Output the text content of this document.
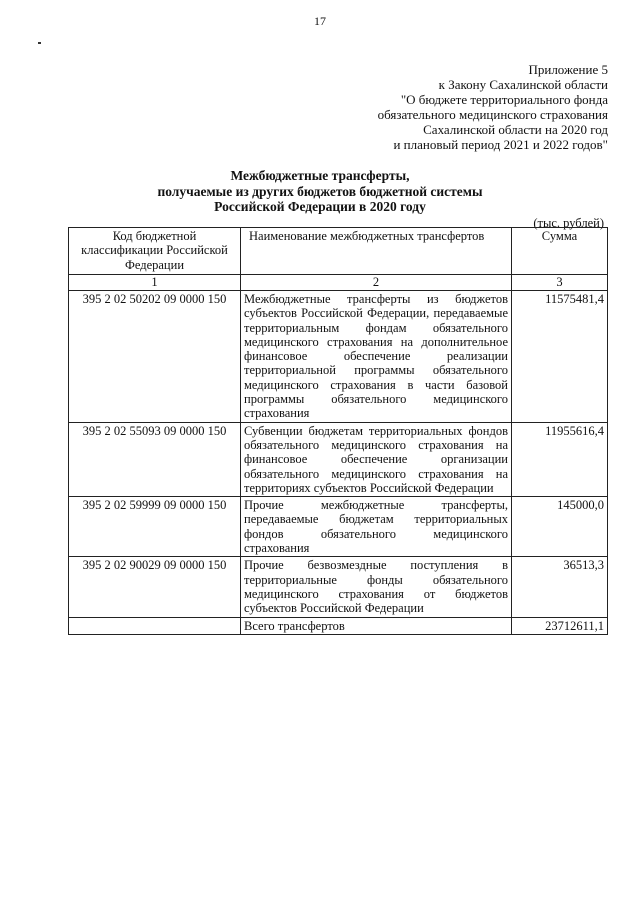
17
Приложение 5
к Закону Сахалинской области
"О бюджете территориального фонда
обязательного медицинского страхования
Сахалинской области на 2020 год
и плановый период 2021 и 2022 годов"
Межбюджетные трансферты,
получаемые из других бюджетов бюджетной системы
Российской Федерации в 2020 году
(тыс. рублей)
Код бюджетной классификации Российской Федерации	Наименование межбюджетных трансфертов	Сумма
1	2	3
395 2 02 50202 09 0000 150	Межбюджетные трансферты из бюджетов субъектов Российской Федерации, передаваемые территориальным фондам обязательного медицинского страхования на дополнительное финансовое обеспечение реализации территориальной программы обязательного медицинского страхования в части базовой программы обязательного медицинского страхования	11575481,4
395 2 02 55093 09 0000 150	Субвенции бюджетам территориальных фондов обязательного медицинского страхования на финансовое обеспечение организации обязательного медицинского страхования на территориях субъектов Российской Федерации	11955616,4
395 2 02 59999 09 0000 150	Прочие межбюджетные трансферты, передаваемые бюджетам территориальных фондов обязательного медицинского страхования	145000,0
395 2 02 90029 09 0000 150	Прочие безвозмездные поступления в территориальные фонды обязательного медицинского страхования от бюджетов субъектов Российской Федерации	36513,3
	Всего трансфертов	23712611,1
